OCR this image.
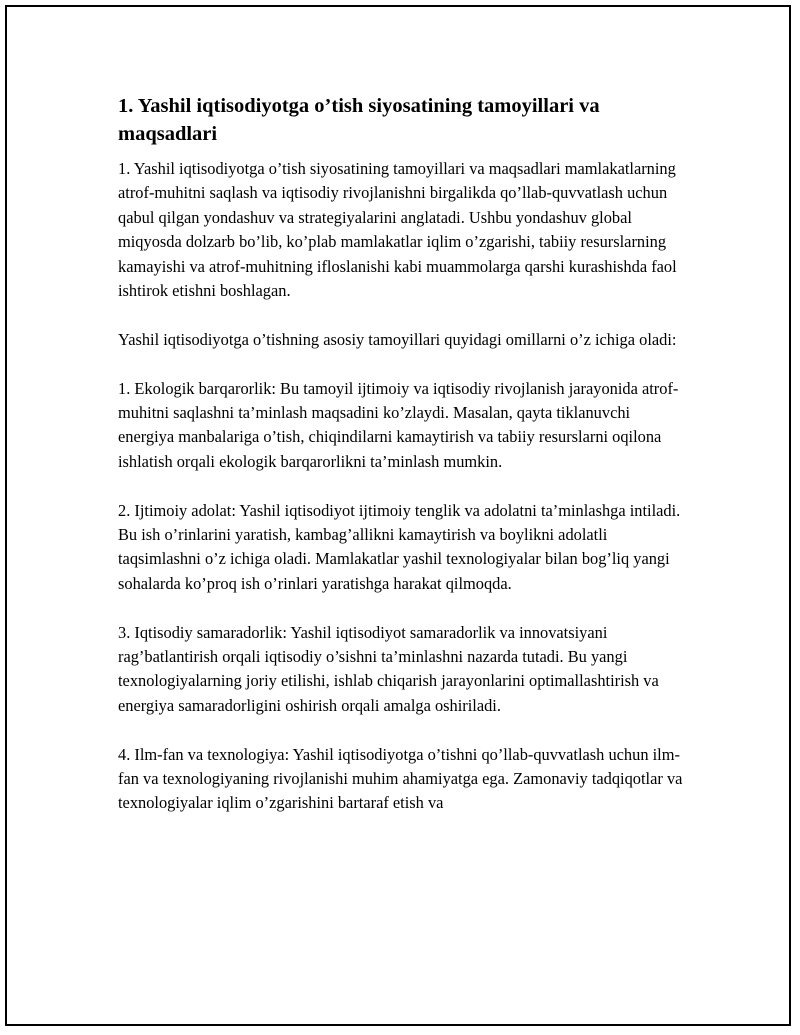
1. Yashil iqtisodiyotga o’tish siyosatining tamoyillari va maqsadlari

1. Yashil iqtisodiyotga o’tish siyosatining tamoyillari va maqsadlari mamlakatlarning atrof-muhitni saqlash va iqtisodiy rivojlanishni birgalikda qo’llab-quvvatlash uchun qabul qilgan yondashuv va strategiyalarini anglatadi. Ushbu yondashuv global miqyosda dolzarb bo’lib, ko’plab mamlakatlar iqlim o’zgarishi, tabiiy resurslarning kamayishi va atrof-muhitning ifloslanishi kabi muammolarga qarshi kurashishda faol ishtirok etishni boshlagan.

Yashil iqtisodiyotga o’tishning asosiy tamoyillari quyidagi omillarni o’z ichiga oladi:

1. Ekologik barqarorlik: Bu tamoyil ijtimoiy va iqtisodiy rivojlanish jarayonida atrof-muhitni saqlashni ta’minlash maqsadini ko’zlaydi. Masalan, qayta tiklanuvchi energiya manbalariga o’tish, chiqindilarni kamaytirish va tabiiy resurslarni oqilona ishlatish orqali ekologik barqarorlikni ta’minlash mumkin.

2. Ijtimoiy adolat: Yashil iqtisodiyot ijtimoiy tenglik va adolatni ta’minlashga intiladi. Bu ish o’rinlarini yaratish, kambag’allikni kamaytirish va boylikni adolatli taqsimlashni o’z ichiga oladi. Mamlakatlar yashil texnologiyalar bilan bog’liq yangi sohalarda ko’proq ish o’rinlari yaratishga harakat qilmoqda.

3. Iqtisodiy samaradorlik: Yashil iqtisodiyot samaradorlik va innovatsiyani rag’batlantirish orqali iqtisodiy o’sishni ta’minlashni nazarda tutadi. Bu yangi texnologiyalarning joriy etilishi, ishlab chiqarish jarayonlarini optimallashtirish va energiya samaradorligini oshirish orqali amalga oshiriladi.

4. Ilm-fan va texnologiya: Yashil iqtisodiyotga o’tishni qo’llab-quvvatlash uchun ilm-fan va texnologiyaning rivojlanishi muhim ahamiyatga ega. Zamonaviy tadqiqotlar va texnologiyalar iqlim o’zgarishini bartaraf etish va
